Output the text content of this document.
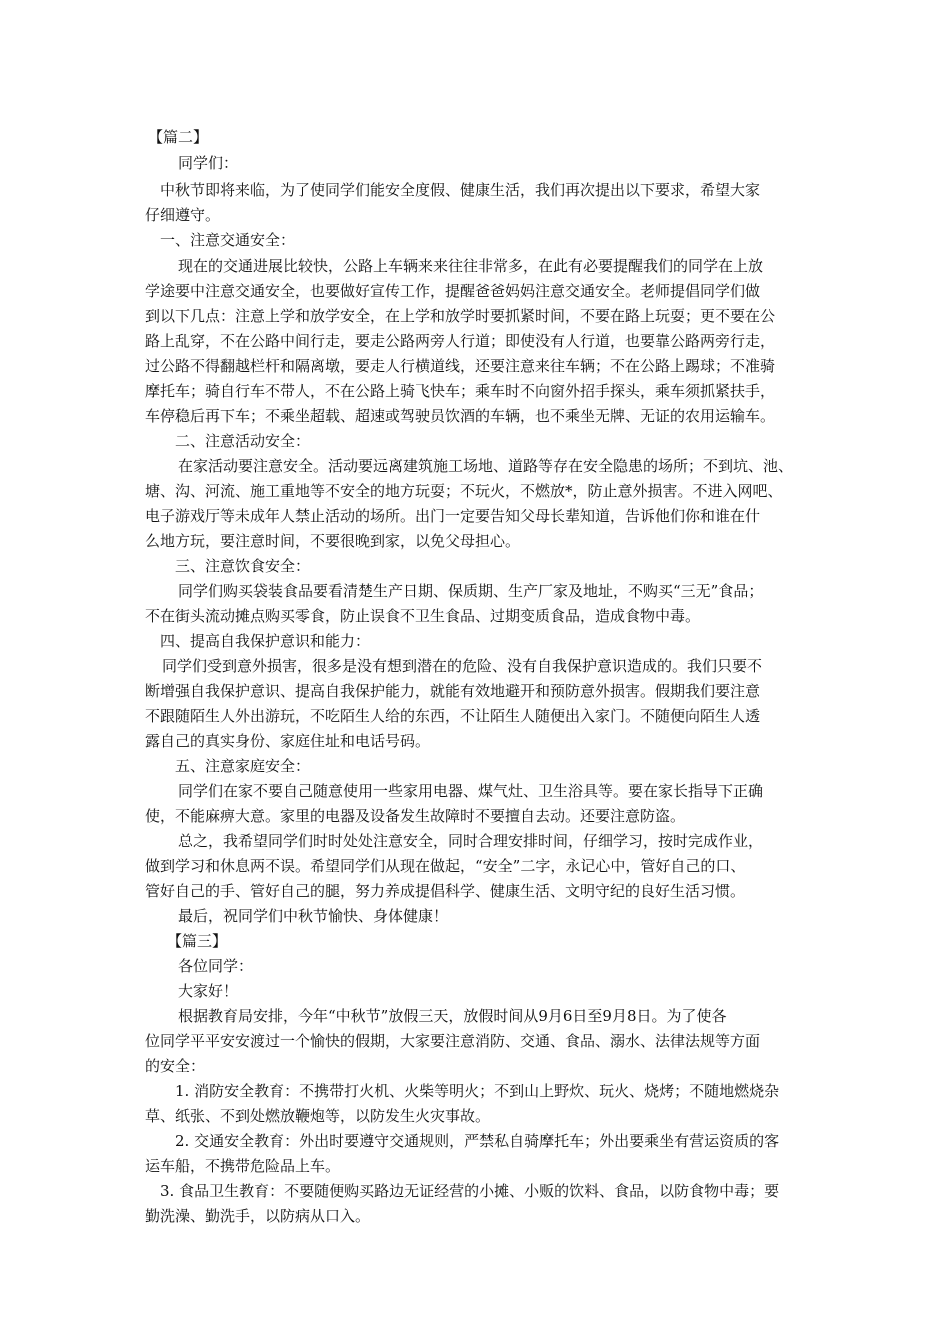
【篇二】
同学们：
中秋节即将来临，为了使同学们能安全度假、健康生活，我们再次提出以下要求，希望大家
仔细遵守。
一、注意交通安全：
现在的交通进展比较快，公路上车辆来来往往非常多，在此有必要提醒我们的同学在上放
学途要中注意交通安全，也要做好宣传工作，提醒爸爸妈妈注意交通安全。老师提倡同学们做
到以下几点：注意上学和放学安全，在上学和放学时要抓紧时间，不要在路上玩耍；更不要在公
路上乱穿，不在公路中间行走，要走公路两旁人行道；即使没有人行道，也要靠公路两旁行走，
过公路不得翻越栏杆和隔离墩，要走人行横道线，还要注意来往车辆；不在公路上踢球；不准骑
摩托车；骑自行车不带人，不在公路上骑飞快车；乘车时不向窗外招手探头，乘车须抓紧扶手，
车停稳后再下车；不乘坐超载、超速或驾驶员饮酒的车辆，也不乘坐无牌、无证的农用运输车。
二、注意活动安全：
在家活动要注意安全。活动要远离建筑施工场地、道路等存在安全隐患的场所；不到坑、池、
塘、沟、河流、施工重地等不安全的地方玩耍；不玩火，不燃放*，防止意外损害。不进入网吧、
电子游戏厅等未成年人禁止活动的场所。出门一定要告知父母长辈知道，告诉他们你和谁在什
么地方玩，要注意时间，不要很晚到家，以免父母担心。
三、注意饮食安全：
同学们购买袋装食品要看清楚生产日期、保质期、生产厂家及地址，不购买“三无”食品；
不在街头流动摊点购买零食，防止误食不卫生食品、过期变质食品，造成食物中毒。
四、提高自我保护意识和能力：
同学们受到意外损害，很多是没有想到潜在的危险、没有自我保护意识造成的。我们只要不
断增强自我保护意识、提高自我保护能力，就能有效地避开和预防意外损害。假期我们要注意
不跟随陌生人外出游玩，不吃陌生人给的东西，不让陌生人随便出入家门。不随便向陌生人透
露自己的真实身份、家庭住址和电话号码。
五、注意家庭安全：
同学们在家不要自己随意使用一些家用电器、煤气灶、卫生浴具等。要在家长指导下正确
使，不能麻痹大意。家里的电器及设备发生故障时不要擅自去动。还要注意防盗。
总之，我希望同学们时时处处注意安全，同时合理安排时间，仔细学习，按时完成作业，
做到学习和休息两不误。希望同学们从现在做起，“安全”二字，永记心中，管好自己的口、
管好自己的手、管好自己的腿，努力养成提倡科学、健康生活、文明守纪的良好生活习惯。
最后，祝同学们中秋节愉快、身体健康！
【篇三】
各位同学：
大家好！
根据教育局安排，今年“中秋节”放假三天，放假时间从9月6日至9月8日。为了使各
位同学平平安安渡过一个愉快的假期，大家要注意消防、交通、食品、溺水、法律法规等方面
的安全：
1. 消防安全教育：不携带打火机、火柴等明火；不到山上野炊、玩火、烧烤；不随地燃烧杂
草、纸张、不到处燃放鞭炮等，以防发生火灾事故。
2. 交通安全教育：外出时要遵守交通规则，严禁私自骑摩托车；外出要乘坐有营运资质的客
运车船，不携带危险品上车。
3. 食品卫生教育：不要随便购买路边无证经营的小摊、小贩的饮料、食品，以防食物中毒；要
勤洗澡、勤洗手，以防病从口入。
